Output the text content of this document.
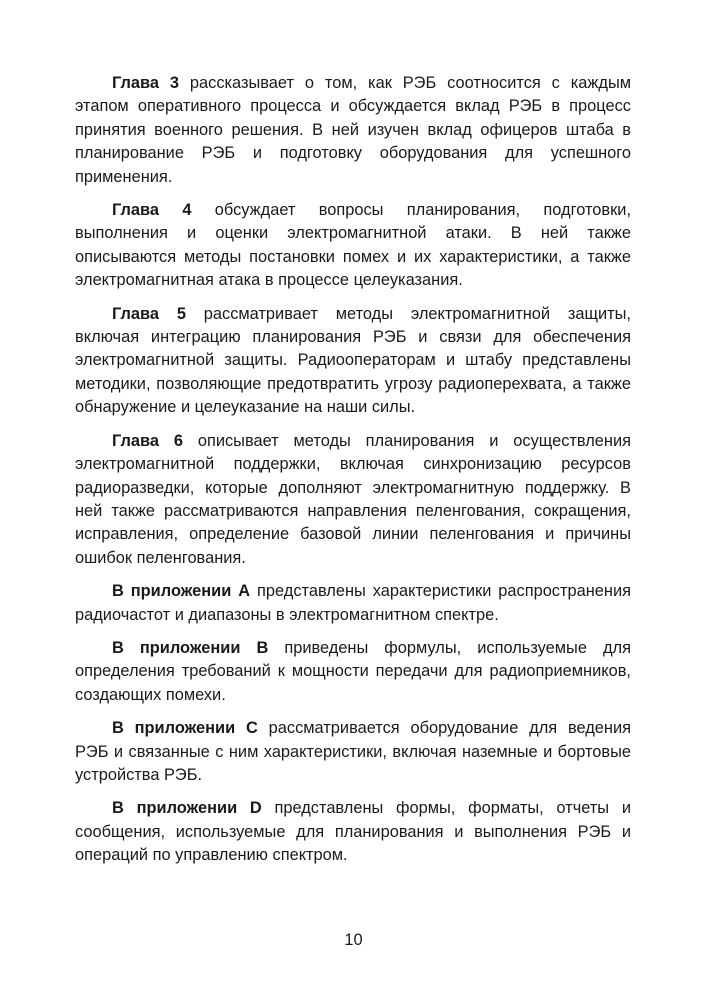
Глава 3 рассказывает о том, как РЭБ соотносится с каждым этапом оперативного процесса и обсуждается вклад РЭБ в процесс принятия военного решения. В ней изучен вклад офицеров штаба в планирование РЭБ и подготовку оборудования для успешного применения.

Глава 4 обсуждает вопросы планирования, подготовки, выполнения и оценки электромагнитной атаки. В ней также описываются методы постановки помех и их характеристики, а также электромагнитная атака в процессе целеуказания.

Глава 5 рассматривает методы электромагнитной защиты, включая интеграцию планирования РЭБ и связи для обеспечения электромагнитной защиты. Радиооператорам и штабу представлены методики, позволяющие предотвратить угрозу радиоперехвата, а также обнаружение и целеуказание на наши силы.

Глава 6 описывает методы планирования и осуществления электромагнитной поддержки, включая синхронизацию ресурсов радиоразведки, которые дополняют электромагнитную поддержку. В ней также рассматриваются направления пеленгования, сокращения, исправления, определение базовой линии пеленгования и причины ошибок пеленгования.

В приложении А представлены характеристики распространения радиочастот и диапазоны в электромагнитном спектре.

В приложении B приведены формулы, используемые для определения требований к мощности передачи для радиоприемников, создающих помехи.

В приложении C рассматривается оборудование для ведения РЭБ и связанные с ним характеристики, включая наземные и бортовые устройства РЭБ.

В приложении D представлены формы, форматы, отчеты и сообщения, используемые для планирования и выполнения РЭБ и операций по управлению спектром.

10
